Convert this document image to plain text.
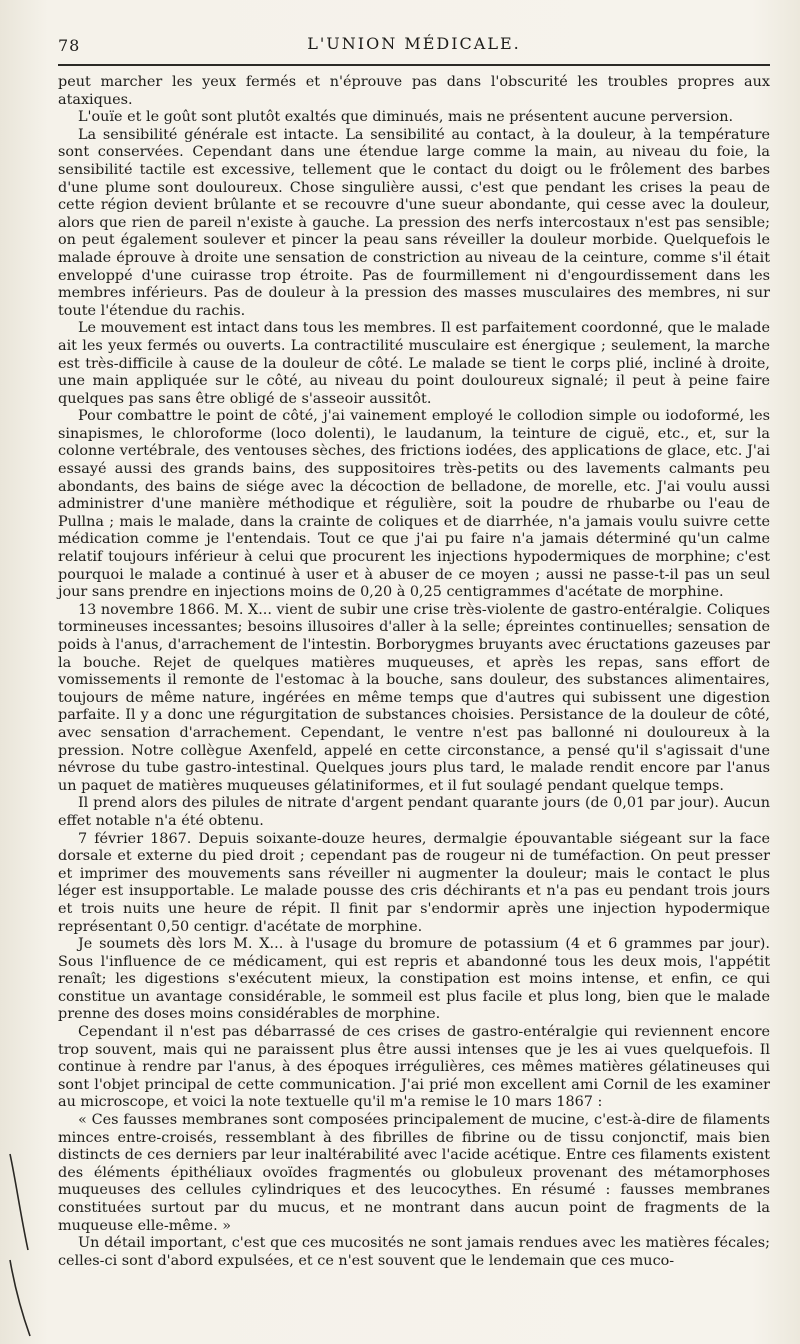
78	L'UNION MÉDICALE.

peut marcher les yeux fermés et n'éprouve pas dans l'obscurité les troubles propres aux ataxiques.

L'ouïe et le goût sont plutôt exaltés que diminués, mais ne présentent aucune perversion.

La sensibilité générale est intacte. La sensibilité au contact, à la douleur, à la température sont conservées. Cependant dans une étendue large comme la main, au niveau du foie, la sensibilité tactile est excessive, tellement que le contact du doigt ou le frôlement des barbes d'une plume sont douloureux. Chose singulière aussi, c'est que pendant les crises la peau de cette région devient brûlante et se recouvre d'une sueur abondante, qui cesse avec la douleur, alors que rien de pareil n'existe à gauche. La pression des nerfs intercostaux n'est pas sensible; on peut également soulever et pincer la peau sans réveiller la douleur morbide. Quelquefois le malade éprouve à droite une sensation de constriction au niveau de la ceinture, comme s'il était enveloppé d'une cuirasse trop étroite. Pas de fourmillement ni d'engourdissement dans les membres inférieurs. Pas de douleur à la pression des masses musculaires des membres, ni sur toute l'étendue du rachis.

Le mouvement est intact dans tous les membres. Il est parfaitement coordonné, que le malade ait les yeux fermés ou ouverts. La contractilité musculaire est énergique ; seulement, la marche est très-difficile à cause de la douleur de côté. Le malade se tient le corps plié, incliné à droite, une main appliquée sur le côté, au niveau du point douloureux signalé; il peut à peine faire quelques pas sans être obligé de s'asseoir aussitôt.

Pour combattre le point de côté, j'ai vainement employé le collodion simple ou iodoformé, les sinapismes, le chloroforme (loco dolenti), le laudanum, la teinture de ciguë, etc., et, sur la colonne vertébrale, des ventouses sèches, des frictions iodées, des applications de glace, etc. J'ai essayé aussi des grands bains, des suppositoires très-petits ou des lavements calmants peu abondants, des bains de siége avec la décoction de belladone, de morelle, etc. J'ai voulu aussi administrer d'une manière méthodique et régulière, soit la poudre de rhubarbe ou l'eau de Pullna ; mais le malade, dans la crainte de coliques et de diarrhée, n'a jamais voulu suivre cette médication comme je l'entendais. Tout ce que j'ai pu faire n'a jamais déterminé qu'un calme relatif toujours inférieur à celui que procurent les injections hypodermiques de morphine; c'est pourquoi le malade a continué à user et à abuser de ce moyen ; aussi ne passe-t-il pas un seul jour sans prendre en injections moins de 0,20 à 0,25 centigrammes d'acétate de morphine.

13 novembre 1866. M. X... vient de subir une crise très-violente de gastro-entéralgie. Coliques tormineuses incessantes; besoins illusoires d'aller à la selle; épreintes continuelles; sensation de poids à l'anus, d'arrachement de l'intestin. Borborygmes bruyants avec éructations gazeuses par la bouche. Rejet de quelques matières muqueuses, et après les repas, sans effort de vomissements il remonte de l'estomac à la bouche, sans douleur, des substances alimentaires, toujours de même nature, ingérées en même temps que d'autres qui subissent une digestion parfaite. Il y a donc une régurgitation de substances choisies. Persistance de la douleur de côté, avec sensation d'arrachement. Cependant, le ventre n'est pas ballonné ni douloureux à la pression. Notre collègue Axenfeld, appelé en cette circonstance, a pensé qu'il s'agissait d'une névrose du tube gastro-intestinal. Quelques jours plus tard, le malade rendit encore par l'anus un paquet de matières muqueuses gélatiniformes, et il fut soulagé pendant quelque temps.

Il prend alors des pilules de nitrate d'argent pendant quarante jours (de 0,01 par jour). Aucun effet notable n'a été obtenu.

7 février 1867. Depuis soixante-douze heures, dermalgie épouvantable siégeant sur la face dorsale et externe du pied droit ; cependant pas de rougeur ni de tuméfaction. On peut presser et imprimer des mouvements sans réveiller ni augmenter la douleur; mais le contact le plus léger est insupportable. Le malade pousse des cris déchirants et n'a pas eu pendant trois jours et trois nuits une heure de répit. Il finit par s'endormir après une injection hypodermique représentant 0,50 centigr. d'acétate de morphine.

Je soumets dès lors M. X... à l'usage du bromure de potassium (4 et 6 grammes par jour). Sous l'influence de ce médicament, qui est repris et abandonné tous les deux mois, l'appétit renaît; les digestions s'exécutent mieux, la constipation est moins intense, et enfin, ce qui constitue un avantage considérable, le sommeil est plus facile et plus long, bien que le malade prenne des doses moins considérables de morphine.

Cependant il n'est pas débarrassé de ces crises de gastro-entéralgie qui reviennent encore trop souvent, mais qui ne paraissent plus être aussi intenses que je les ai vues quelquefois. Il continue à rendre par l'anus, à des époques irrégulières, ces mêmes matières gélatineuses qui sont l'objet principal de cette communication. J'ai prié mon excellent ami Cornil de les examiner au microscope, et voici la note textuelle qu'il m'a remise le 10 mars 1867 :

« Ces fausses membranes sont composées principalement de mucine, c'est-à-dire de filaments minces entre-croisés, ressemblant à des fibrilles de fibrine ou de tissu conjonctif, mais bien distincts de ces derniers par leur inaltérabilité avec l'acide acétique. Entre ces filaments existent des éléments épithéliaux ovoïdes fragmentés ou globuleux provenant des métamorphoses muqueuses des cellules cylindriques et des leucocythes. En résumé : fausses membranes constituées surtout par du mucus, et ne montrant dans aucun point de fragments de la muqueuse elle-même. »

Un détail important, c'est que ces mucosités ne sont jamais rendues avec les matières fécales; celles-ci sont d'abord expulsées, et ce n'est souvent que le lendemain que ces muco-
